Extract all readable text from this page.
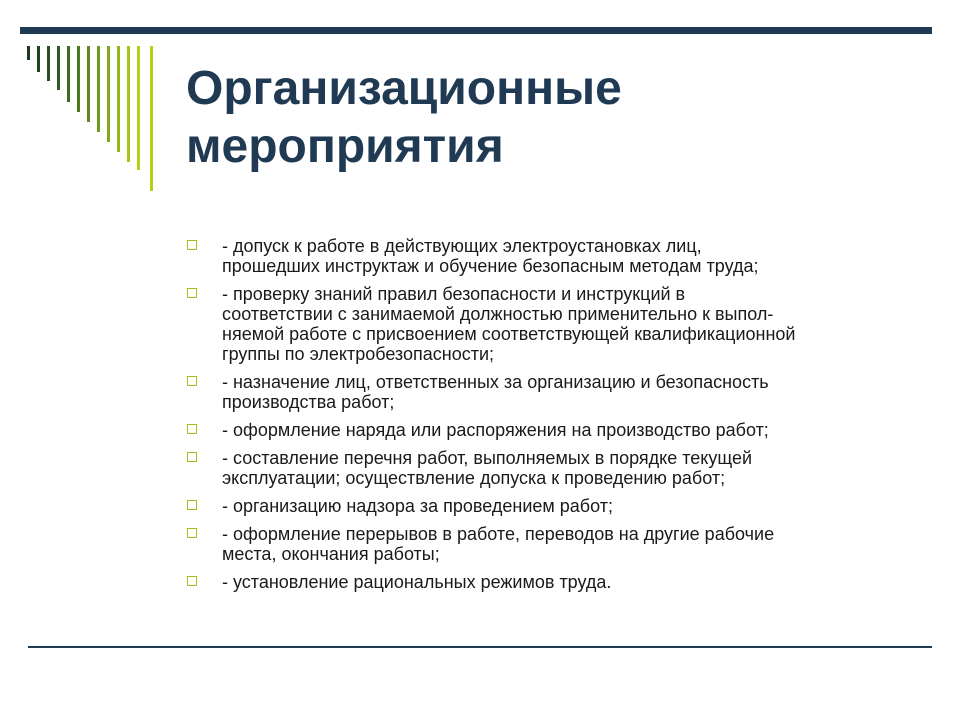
Организационные
мероприятия
- допуск к работе в действующих электроустановках лиц,
прошедших инструктаж и обучение безопасным методам труда;
- проверку знаний правил безопасности и инструкций в
соответствии с занимаемой должностью применительно к выпол-
няемой работе с присвоением соответствующей квалификационной
группы по электробезопасности;
- назначение лиц, ответственных за организацию и безопасность
производства работ;
- оформление наряда или распоряжения на производство работ;
- составление перечня работ, выполняемых в порядке текущей
эксплуатации; осуществление допуска к проведению работ;
- организацию надзора за проведением работ;
- оформление перерывов в работе, переводов на другие рабочие
места, окончания работы;
- установление рациональных режимов труда.
